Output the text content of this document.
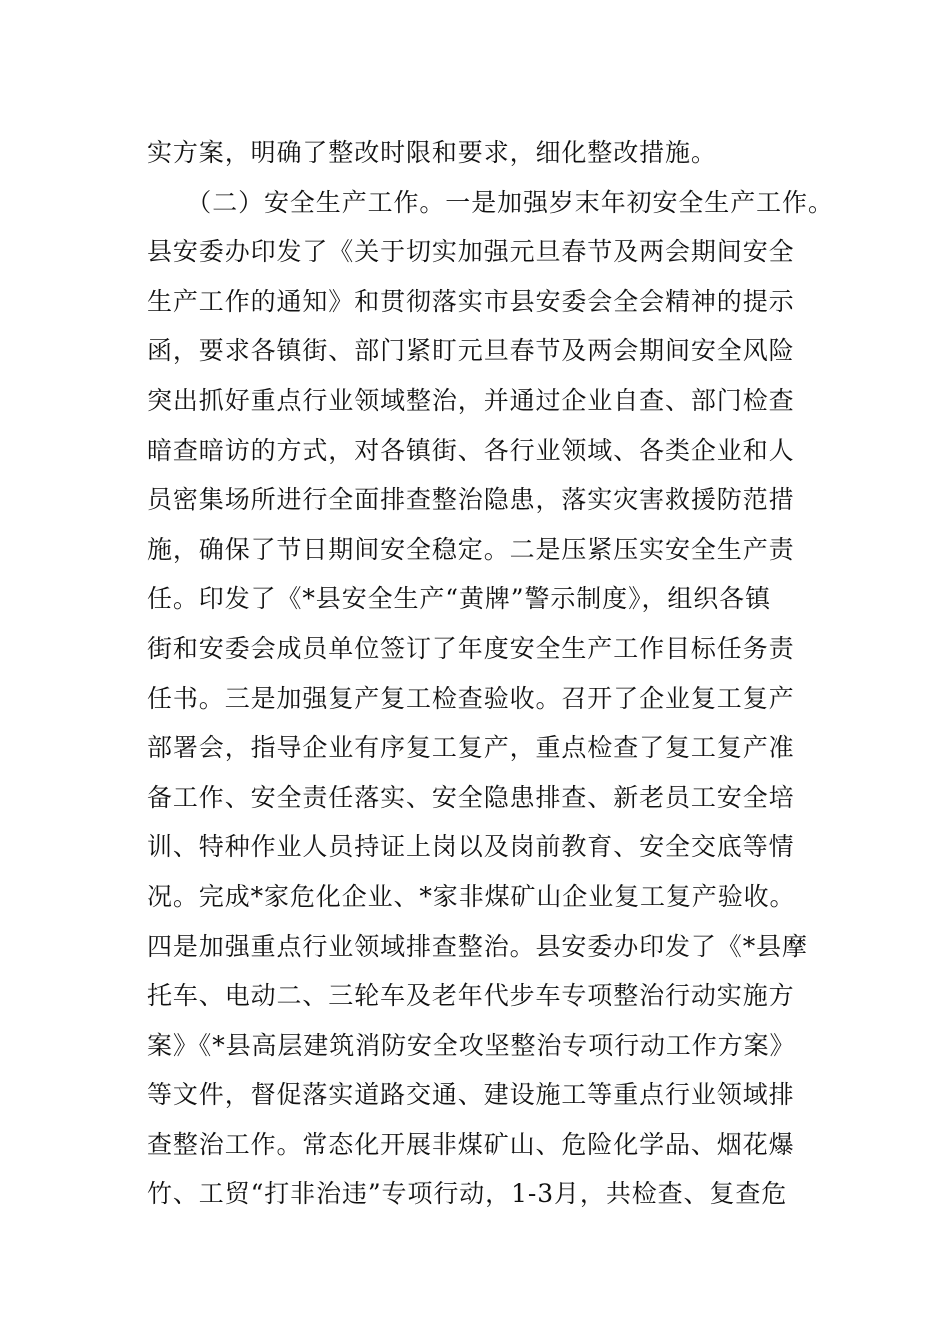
实方案，明确了整改时限和要求，细化整改措施。
　　（二）安全生产工作。一是加强岁末年初安全生产工作。
县安委办印发了《关于切实加强元旦春节及两会期间安全
生产工作的通知》和贯彻落实市县安委会全会精神的提示
函，要求各镇街、部门紧盯元旦春节及两会期间安全风险
突出抓好重点行业领域整治，并通过企业自查、部门检查
暗查暗访的方式，对各镇街、各行业领域、各类企业和人
员密集场所进行全面排查整治隐患，落实灾害救援防范措
施，确保了节日期间安全稳定。二是压紧压实安全生产责
任。印发了《*县安全生产“黄牌”警示制度》，组织各镇
街和安委会成员单位签订了年度安全生产工作目标任务责
任书。三是加强复产复工检查验收。召开了企业复工复产
部署会，指导企业有序复工复产，重点检查了复工复产准
备工作、安全责任落实、安全隐患排查、新老员工安全培
训、特种作业人员持证上岗以及岗前教育、安全交底等情
况。完成*家危化企业、*家非煤矿山企业复工复产验收。
四是加强重点行业领域排查整治。县安委办印发了《*县摩
托车、电动二、三轮车及老年代步车专项整治行动实施方
案》《*县高层建筑消防安全攻坚整治专项行动工作方案》
等文件，督促落实道路交通、建设施工等重点行业领域排
查整治工作。常态化开展非煤矿山、危险化学品、烟花爆
竹、工贸“打非治违”专项行动，1-3月，共检查、复查危
